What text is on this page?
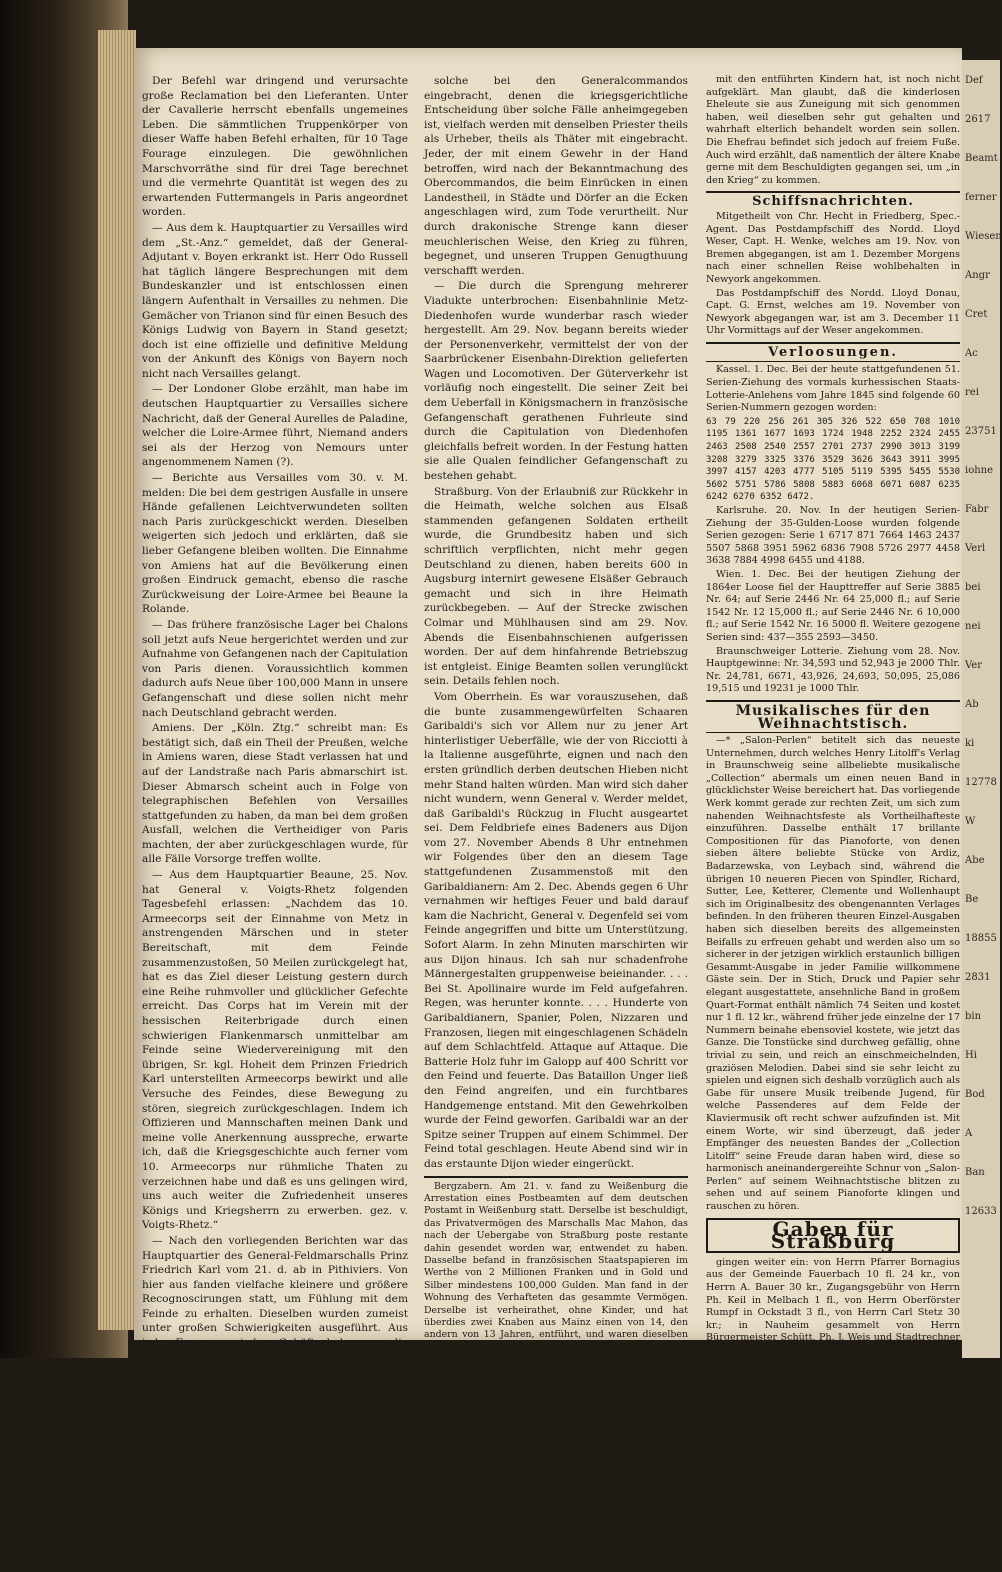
Der Befehl war dringend und verursachte große Reclamation bei den Lieferanten. Unter der Cavallerie herrscht ebenfalls ungemeines Leben. Die sämmtlichen Truppenkörper von dieser Waffe haben Befehl erhalten, für 10 Tage Fourage einzulegen. Die gewöhnlichen Marschvorräthe sind für drei Tage berechnet und die vermehrte Quantität ist wegen des zu erwartenden Futtermangels in Paris angeordnet worden.

— Aus dem k. Hauptquartier zu Versailles wird dem „St.-Anz.“ gemeldet, daß der General-Adjutant v. Boyen erkrankt ist. Herr Odo Russell hat täglich längere Besprechungen mit dem Bundeskanzler und ist entschlossen einen längern Aufenthalt in Versailles zu nehmen. Die Gemächer von Trianon sind für einen Besuch des Königs Ludwig von Bayern in Stand gesetzt; doch ist eine offizielle und definitive Meldung von der Ankunft des Königs von Bayern noch nicht nach Versailles gelangt.

— Der Londoner Globe erzählt, man habe im deutschen Hauptquartier zu Versailles sichere Nachricht, daß der General Aurelles de Paladine, welcher die Loire-Armee führt, Niemand anders sei als der Herzog von Nemours unter angenommenem Namen (?).

— Berichte aus Versailles vom 30. v. M. melden: Die bei dem gestrigen Ausfalle in unsere Hände gefallenen Leichtverwundeten sollten nach Paris zurückgeschickt werden. Dieselben weigerten sich jedoch und erklärten, daß sie lieber Gefangene bleiben wollten. Die Einnahme von Amiens hat auf die Bevölkerung einen großen Eindruck gemacht, ebenso die rasche Zurückweisung der Loire-Armee bei Beaune la Rolande.

— Das frühere französische Lager bei Chalons soll jetzt aufs Neue hergerichtet werden und zur Aufnahme von Gefangenen nach der Capitulation von Paris dienen. Voraussichtlich kommen dadurch aufs Neue über 100,000 Mann in unsere Gefangenschaft und diese sollen nicht mehr nach Deutschland gebracht werden.

Amiens. Der „Köln. Ztg.“ schreibt man: Es bestätigt sich, daß ein Theil der Preußen, welche in Amiens waren, diese Stadt verlassen hat und auf der Landstraße nach Paris abmarschirt ist. Dieser Abmarsch scheint auch in Folge von telegraphischen Befehlen von Versailles stattgefunden zu haben, da man bei dem großen Ausfall, welchen die Vertheidiger von Paris machten, der aber zurückgeschlagen wurde, für alle Fälle Vorsorge treffen wollte.

— Aus dem Hauptquartier Beaune, 25. Nov. hat General v. Voigts-Rhetz folgenden Tagesbefehl erlassen: „Nachdem das 10. Armeecorps seit der Einnahme von Metz in anstrengenden Märschen und in steter Bereitschaft, mit dem Feinde zusammenzustoßen, 50 Meilen zurückgelegt hat, hat es das Ziel dieser Leistung gestern durch eine Reihe ruhmvoller und glücklicher Gefechte erreicht. Das Corps hat im Verein mit der hessischen Reiterbrigade durch einen schwierigen Flankenmarsch unmittelbar am Feinde seine Wiedervereinigung mit den übrigen, Sr. kgl. Hoheit dem Prinzen Friedrich Karl unterstellten Armeecorps bewirkt und alle Versuche des Feindes, diese Bewegung zu stören, siegreich zurückgeschlagen. Indem ich Offizieren und Mannschaften meinen Dank und meine volle Anerkennung ausspreche, erwarte ich, daß die Kriegsgeschichte auch ferner vom 10. Armeecorps nur rühmliche Thaten zu verzeichnen habe und daß es uns gelingen wird, uns auch weiter die Zufriedenheit unseres Königs und Kriegsherrn zu erwerben. gez. v. Voigts-Rhetz.“

— Nach den vorliegenden Berichten war das Hauptquartier des General-Feldmarschalls Prinz Friedrich Karl vom 21. d. ab in Pithiviers. Von hier aus fanden vielfache kleinere und größere Recognoscirungen statt, um Fühlung mit dem Feinde zu erhalten. Dieselben wurden zumeist unter großen Schwierigkeiten ausgeführt. Aus jeder Ferne, aus jedem Gehöfte bekommen die Cavaleristen Feuer; der einzelne Feldarbeiter wirft bei ihrem Nahen den Spaten hinweg, ergreift seine Flinte, die neben ihm am Boden liegt und schießt, jedes Haus wird zu einer kleinen Festung, jeder Blaukittel zum Francktireur. Täglich werden

solche bei den Generalcommandos eingebracht, denen die kriegsgerichtliche Entscheidung über solche Fälle anheimgegeben ist, vielfach werden mit denselben Priester theils als Urheber, theils als Thäter mit eingebracht. Jeder, der mit einem Gewehr in der Hand betroffen, wird nach der Bekanntmachung des Obercommandos, die beim Einrücken in einen Landestheil, in Städte und Dörfer an die Ecken angeschlagen wird, zum Tode verurtheilt. Nur durch drakonische Strenge kann dieser meuchlerischen Weise, den Krieg zu führen, begegnet, und unseren Truppen Genugthuung verschafft werden.

— Die durch die Sprengung mehrerer Viadukte unterbrochen: Eisenbahnlinie Metz-Diedenhofen wurde wunderbar rasch wieder hergestellt. Am 29. Nov. begann bereits wieder der Personenverkehr, vermittelst der von der Saarbrückener Eisenbahn-Direktion gelieferten Wagen und Locomotiven. Der Güterverkehr ist vorläufig noch eingestellt. Die seiner Zeit bei dem Ueberfall in Königsmachern in französische Gefangenschaft gerathenen Fuhrleute sind durch die Capitulation von Diedenhofen gleichfalls befreit worden. In der Festung hatten sie alle Qualen feindlicher Gefangenschaft zu bestehen gehabt.

Straßburg. Von der Erlaubniß zur Rückkehr in die Heimath, welche solchen aus Elsaß stammenden gefangenen Soldaten ertheilt wurde, die Grundbesitz haben und sich schriftlich verpflichten, nicht mehr gegen Deutschland zu dienen, haben bereits 600 in Augsburg internirt gewesene Elsäßer Gebrauch gemacht und sich in ihre Heimath zurückbegeben. — Auf der Strecke zwischen Colmar und Mühlhausen sind am 29. Nov. Abends die Eisenbahnschienen aufgerissen worden. Der auf dem hinfahrende Betriebszug ist entgleist. Einige Beamten sollen verunglückt sein. Details fehlen noch.

Vom Oberrhein. Es war vorauszusehen, daß die bunte zusammengewürfelten Schaaren Garibaldi's sich vor Allem nur zu jener Art hinterlistiger Ueberfälle, wie der von Ricciotti à la Italienne ausgeführte, eignen und nach den ersten gründlich derben deutschen Hieben nicht mehr Stand halten würden. Man wird sich daher nicht wundern, wenn General v. Werder meldet, daß Garibaldi's Rückzug in Flucht ausgeartet sei. Dem Feldbriefe eines Badeners aus Dijon vom 27. November Abends 8 Uhr entnehmen wir Folgendes über den an diesem Tage stattgefundenen Zusammenstoß mit den Garibaldianern: Am 2. Dec. Abends gegen 6 Uhr vernahmen wir heftiges Feuer und bald darauf kam die Nachricht, General v. Degenfeld sei vom Feinde angegriffen und bitte um Unterstützung. Sofort Alarm. In zehn Minuten marschirten wir aus Dijon hinaus. Ich sah nur schadenfrohe Männergestalten gruppenweise beieinander. . . . Bei St. Apollinaire wurde im Feld aufgefahren. Regen, was herunter konnte. . . . Hunderte von Garibaldianern, Spanier, Polen, Nizzaren und Franzosen, liegen mit eingeschlagenen Schädeln auf dem Schlachtfeld. Attaque auf Attaque. Die Batterie Holz fuhr im Galopp auf 400 Schritt vor den Feind und feuerte. Das Bataillon Unger ließ den Feind angreifen, und ein furchtbares Handgemenge entstand. Mit den Gewehrkolben wurde der Feind geworfen. Garibaldi war an der Spitze seiner Truppen auf einem Schimmel. Der Feind total geschlagen. Heute Abend sind wir in das erstaunte Dijon wieder eingerückt.

Bergzabern. Am 21. v. fand zu Weißenburg die Arrestation eines Postbeamten auf dem deutschen Postamt in Weißenburg statt. Derselbe ist beschuldigt, das Privatvermögen des Marschalls Mac Mahon, das nach der Uebergabe von Straßburg poste restante dahin gesendet worden war, entwendet zu haben. Dasselbe befand in französischen Staatspapieren im Werthe von 2 Millionen Franken und in Gold und Silber mindestens 100,000 Gulden. Man fand in der Wohnung des Verhafteten das gesammte Vermögen. Derselbe ist verheirathet, ohne Kinder, und hat überdies zwei Knaben aus Mainz einen von 14, den andern von 13 Jahren, entführt, und waren dieselben die ganze Zeit in Straßburg, wofelbst er auf einem Oberpostamte verwendet und später nach Weißenburg versetzt worden war, in der Familie des Beschuldigten, der nach vorausgegangenen Recherchen endlich in Weißenburg entdeckt wurde. Die entführten Kinder führen den Namen Breiling aus Mainz, deren Eltern wohnen auf der „großen Bleiche“ daselbst. Welche Bewandtniß es

mit den entführten Kindern hat, ist noch nicht aufgeklärt. Man glaubt, daß die kinderlosen Eheleute sie aus Zuneigung mit sich genommen haben, weil dieselben sehr gut gehalten und wahrhaft elterlich behandelt worden sein sollen. Die Ehefrau befindet sich jedoch auf freiem Fuße. Auch wird erzählt, daß namentlich der ältere Knabe gerne mit dem Beschuldigten gegangen sei, um „in den Krieg“ zu kommen.

Schiffsnachrichten.

Mitgetheilt von Chr. Hecht in Friedberg, Spec.-Agent. Das Postdampfschiff des Nordd. Lloyd Weser, Capt. H. Wenke, welches am 19. Nov. von Bremen abgegangen, ist am 1. Dezember Morgens nach einer schnellen Reise wohlbehalten in Newyork angekommen.

Das Postdampfschiff des Nordd. Lloyd Donau, Capt. G. Ernst, welches am 19. November von Newyork abgegangen war, ist am 3. December 11 Uhr Vormittags auf der Weser angekommen.

Verloosungen.

Kassel. 1. Dec. Bei der heute stattgefundenen 51. Serien-Ziehung des vormals kurhessischen Staats-Lotterie-Anlehens vom Jahre 1845 sind folgende 60 Serien-Nummern gezogen worden:

63 79 220 256 261 305 326 522 650 708 1010 1195 1361 1677 1693 1724 1948 2252 2324 2455 2463 2508 2540 2557 2701 2737 2990 3013 3199 3208 3279 3325 3376 3529 3626 3643 3911 3995 3997 4157 4203 4777 5105 5119 5395 5455 5530 5602 5751 5786 5808 5883 6068 6071 6087 6235 6242 6270 6352 6472.

Karlsruhe. 20. Nov. In der heutigen Serien-Ziehung der 35-Gulden-Loose wurden folgende Serien gezogen: Serie 1 6717 871 7664 1463 2437 5507 5868 3951 5962 6836 7908 5726 2977 4458 3638 7884 4998 6455 und 4188.

Wien. 1. Dec. Bei der heutigen Ziehung der 1864er Loose fiel der Haupttreffer auf Serie 3885 Nr. 64; auf Serie 2446 Nr. 64 25,000 fl.; auf Serie 1542 Nr. 12 15,000 fl.; auf Serie 2446 Nr. 6 10,000 fl.; auf Serie 1542 Nr. 16 5000 fl. Weitere gezogene Serien sind: 437—355 2593—3450.

Braunschweiger Lotterie. Ziehung vom 28. Nov. Hauptgewinne: Nr. 34,593 und 52,943 je 2000 Thlr. Nr. 24,781, 6671, 43,926, 24,693, 50,095, 25,086 19,515 und 19231 je 1000 Thlr.

Musikalisches für den Weihnachtstisch.

—* „Salon-Perlen“ betitelt sich das neueste Unternehmen, durch welches Henry Litolff's Verlag in Braunschweig seine allbeliebte musikalische „Collection“ abermals um einen neuen Band in glücklichster Weise bereichert hat. Das vorliegende Werk kommt gerade zur rechten Zeit, um sich zum nahenden Weihnachtsfeste als Vortheilhafteste einzuführen. Dasselbe enthält 17 brillante Compositionen für das Pianoforte, von denen sieben ältere beliebte Stücke von Ardiz, Badarzewska, von Leybach sind, während die übrigen 10 neueren Piecen von Spindler, Richard, Sutter, Lee, Ketterer, Clemente und Wollenhaupt sich im Originalbesitz des obengenannten Verlages befinden. In den früheren theuren Einzel-Ausgaben haben sich dieselben bereits des allgemeinsten Beifalls zu erfreuen gehabt und werden also um so sicherer in der jetzigen wirklich erstaunlich billigen Gesammt-Ausgabe in jeder Familie willkommene Gäste sein. Der in Stich, Druck und Papier sehr elegant ausgestattete, ansehnliche Band in großem Quart-Format enthält nämlich 74 Seiten und kostet nur 1 fl. 12 kr., während früher jede einzelne der 17 Nummern beinahe ebensoviel kostete, wie jetzt das Ganze. Die Tonstücke sind durchweg gefällig, ohne trivial zu sein, und reich an einschmeichelnden, graziösen Melodien. Dabei sind sie sehr leicht zu spielen und eignen sich deshalb vorzüglich auch als Gabe für unsere Musik treibende Jugend, für welche Passenderes auf dem Felde der Klaviermusik oft recht schwer aufzufinden ist. Mit einem Worte, wir sind überzeugt, daß jeder Empfänger des neuesten Bandes der „Collection Litolff“ seine Freude daran haben wird, diese so harmonisch aneinandergereihte Schnur von „Salon-Perlen“ auf seinem Weihnachtstische blitzen zu sehen und auf seinem Pianoforte klingen und rauschen zu hören.

Gaben für Straßburg

gingen weiter ein: von Herrn Pfarrer Bornagius aus der Gemeinde Fauerbach 10 fl. 24 kr., von Herrn A. Bauer 30 kr., Zugangsgebühr von Herrn Ph. Keil in Melbach 1 fl., von Herrn Oberförster Rumpf in Ockstadt 3 fl., von Herrn Carl Stetz 30 kr.; in Nauheim gesammelt von Herrn Bürgermeister Schütt, Ph. J. Weis und Stadtrechner Grünewald 21 fl. 44 kr.; bei Herrn Director Dr. Schwabe Ungenannt 1 fl., N. N. 1 fl.; von Herrn J. Gründel Wittwe 1 fl. 45 kr., von Herrn Dr. Lorenz Nomals 1 fl. 30 kr., von Herrn Moschroth in Oppenheim 2 fl., von Herrn Decan Buchhold in Ossenheim 3 fl., von Herrn Pfarrverwalter Eckard in Dorheim 1 fl. 10 kr., N. N. 35 kr.; bei Herrn Hofgerichtsadvokat Trapp 1 V. von Frau Schmidt 1 fl., Ungenannt 4 fl. 30 kr., von Herrn Landrichter Reitz 4 fl., von Herrn Pfarrer Baur 2 fl., von Frau Professor Dieffenbach 1 fl., von Fräulein K. Ullrich 1 fl. (Beide letztere unter Ungenannt angezeigt) von Herrn Kaufmann Nußbaum 2 fl., von Herrn Dr. Wagner 2 fl., von Herrn Seminarlehrer Stamm 5 fl., von H. K. 48 kr. Bei der Expedition d. Bl. sind ferner eingegangen: von Herrn Reallehrer Klein 1 fl. 45 kr., Hofgerichts-Advokat Sepd 10 fl., Ungenannt 2 fl.

Def
2617
Beamt
ferner
Wiesen
Angr
Cret
Ac
rei
23751
iohne
Fabr
Verl
bei
nei
Ver
Ab
ki
12778
W
Abe
Be
18855
2831
bin
Hi
Bod
A
Ban
12633
